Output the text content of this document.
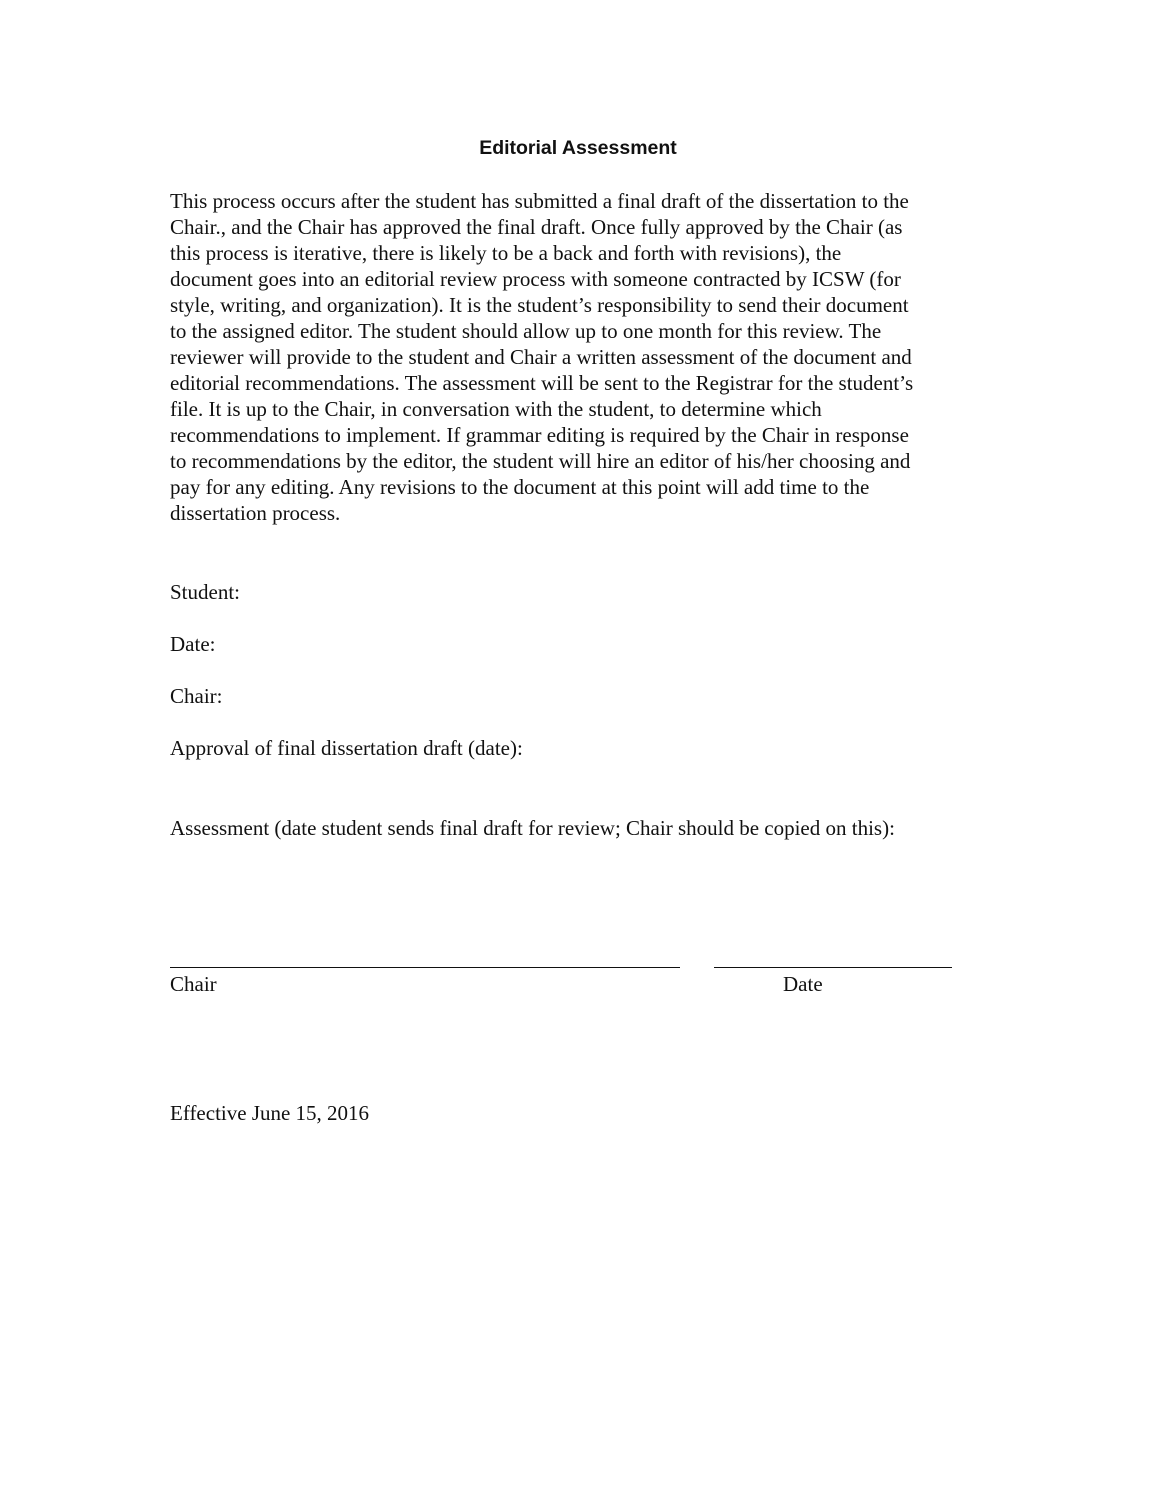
Editorial Assessment
This process occurs after the student has submitted a final draft of the dissertation to the
Chair., and the Chair has approved the final draft. Once fully approved by the Chair (as
this process is iterative, there is likely to be a back and forth with revisions), the
document goes into an editorial review process with someone contracted by ICSW (for
style, writing, and organization). It is the student’s responsibility to send their document
to the assigned editor. The student should allow up to one month for this review. The
reviewer will provide to the student and Chair a written assessment of the document and
editorial recommendations. The assessment will be sent to the Registrar for the student’s
file. It is up to the Chair, in conversation with the student, to determine which
recommendations to implement. If grammar editing is required by the Chair in response
to recommendations by the editor, the student will hire an editor of his/her choosing and
pay for any editing. Any revisions to the document at this point will add time to the
dissertation process.
Student:
Date:
Chair:
Approval of final dissertation draft (date):
Assessment (date student sends final draft for review; Chair should be copied on this):
Chair	Date
Effective June 15, 2016
